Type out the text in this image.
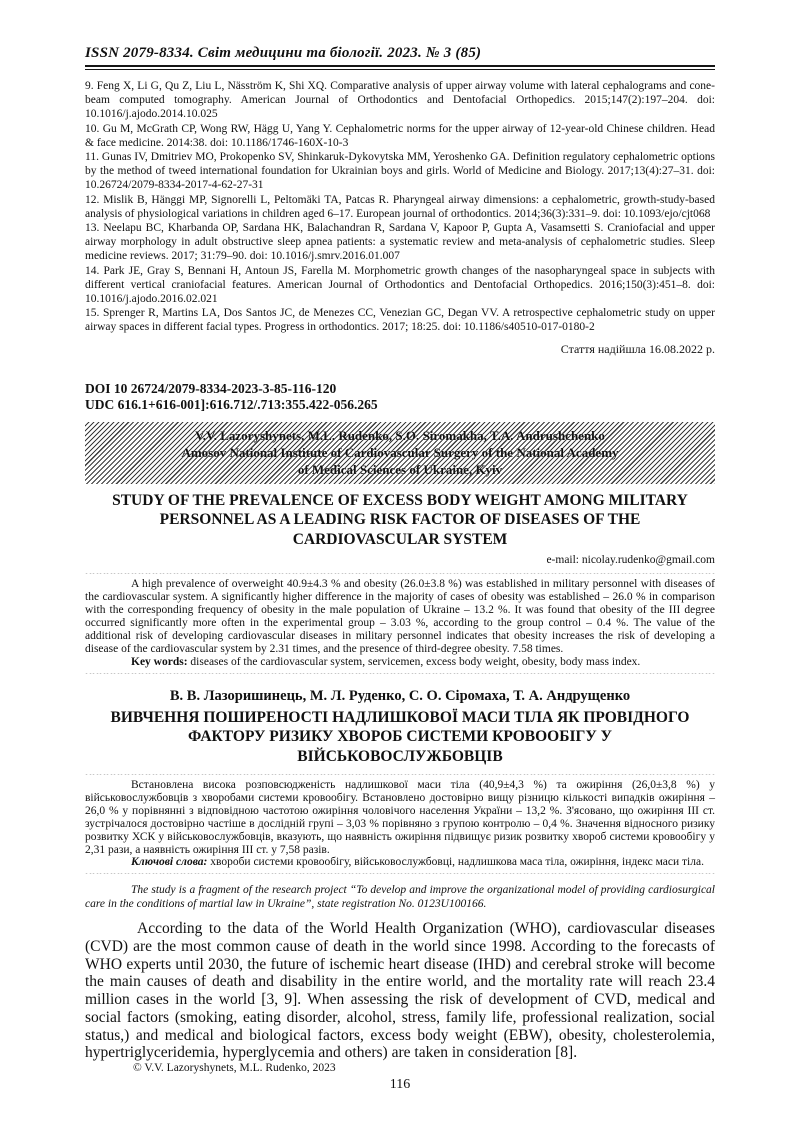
ISSN 2079-8334. Світ медицини та біології. 2023. № 3 (85)
9. Feng X, Li G, Qu Z, Liu L, Näsström K, Shi XQ. Comparative analysis of upper airway volume with lateral cephalograms and cone-beam computed tomography. American Journal of Orthodontics and Dentofacial Orthopedics. 2015;147(2):197–204. doi: 10.1016/j.ajodo.2014.10.025
10. Gu M, McGrath CP, Wong RW, Hägg U, Yang Y. Cephalometric norms for the upper airway of 12-year-old Chinese children. Head & face medicine. 2014:38. doi: 10.1186/1746-160X-10-3
11. Gunas IV, Dmitriev MO, Prokopenko SV, Shinkaruk-Dykovytska MM, Yeroshenko GA. Definition regulatory cephalometric options by the method of tweed international foundation for Ukrainian boys and girls. World of Medicine and Biology. 2017;13(4):27–31. doi: 10.26724/2079-8334-2017-4-62-27-31
12. Mislik B, Hänggi MP, Signorelli L, Peltomäki TA, Patcas R. Pharyngeal airway dimensions: a cephalometric, growth-study-based analysis of physiological variations in children aged 6–17. European journal of orthodontics. 2014;36(3):331–9. doi: 10.1093/ejo/cjt068
13. Neelapu BC, Kharbanda OP, Sardana HK, Balachandran R, Sardana V, Kapoor P, Gupta A, Vasamsetti S. Craniofacial and upper airway morphology in adult obstructive sleep apnea patients: a systematic review and meta-analysis of cephalometric studies. Sleep medicine reviews. 2017; 31:79–90. doi: 10.1016/j.smrv.2016.01.007
14. Park JE, Gray S, Bennani H, Antoun JS, Farella M. Morphometric growth changes of the nasopharyngeal space in subjects with different vertical craniofacial features. American Journal of Orthodontics and Dentofacial Orthopedics. 2016;150(3):451–8. doi: 10.1016/j.ajodo.2016.02.021
15. Sprenger R, Martins LA, Dos Santos JC, de Menezes CC, Venezian GC, Degan VV. A retrospective cephalometric study on upper airway spaces in different facial types. Progress in orthodontics. 2017; 18:25. doi: 10.1186/s40510-017-0180-2
Стаття надійшла 16.08.2022 р.
DOI 10 26724/2079-8334-2023-3-85-116-120
UDC 616.1+616-001]:616.712/.713:355.422-056.265
V.V. Lazoryshynets, M.L. Rudenko, S.O. Siromakha, T.A. Andrushchenko
Amosov National Institute of Cardiovascular Surgery of the National Academy
of Medical Sciences of Ukraine, Kyiv
STUDY OF THE PREVALENCE OF EXCESS BODY WEIGHT AMONG MILITARY PERSONNEL AS A LEADING RISK FACTOR OF DISEASES OF THE CARDIOVASCULAR SYSTEM
e-mail: nicolay.rudenko@gmail.com

A high prevalence of overweight 40.9±4.3 % and obesity (26.0±3.8 %) was established in military personnel with diseases of the cardiovascular system. A significantly higher difference in the majority of cases of obesity was established – 26.0 % in comparison with the corresponding frequency of obesity in the male population of Ukraine – 13.2 %. It was found that obesity of the III degree occurred significantly more often in the experimental group – 3.03 %, according to the group control – 0.4 %. The value of the additional risk of developing cardiovascular diseases in military personnel indicates that obesity increases the risk of developing a disease of the cardiovascular system by 2.31 times, and the presence of third-degree obesity. 7.58 times.

Key words: diseases of the cardiovascular system, servicemen, excess body weight, obesity, body mass index.

В. В. Лазоришинець, М. Л. Руденко, С. О. Сіромаха, Т. А. Андрущенко
ВИВЧЕННЯ ПОШИРЕНОСТІ НАДЛИШКОВОЇ МАСИ ТІЛА ЯК ПРОВІДНОГО ФАКТОРУ РИЗИКУ ХВОРОБ СИСТЕМИ КРОВООБІГУ У ВІЙСЬКОВОСЛУЖБОВЦІВ

Встановлена висока розповсюдженість надлишкової маси тіла (40,9±4,3 %) та ожиріння (26,0±3,8 %) у військовослужбовців з хворобами системи кровообігу. Встановлено достовірно вищу різницю кількості випадків ожиріння – 26,0 % у порівнянні з відповідною частотою ожиріння чоловічого населення України – 13,2 %. З'ясовано, що ожиріння III ст. зустрічалося достовірно частіше в дослідній групі – 3,03 % порівняно з групою контролю – 0,4 %. Значення відносного ризику розвитку ХСК у військовослужбовців, вказують, що наявність ожиріння підвищує ризик розвитку хвороб системи кровообігу у 2,31 рази, а наявність ожиріння III ст. у 7,58 разів.

Ключові слова: хвороби системи кровообігу, військовослужбовці, надлишкова маса тіла, ожиріння, індекс маси тіла.

The study is a fragment of the research project “To develop and improve the organizational model of providing cardiosurgical care in the conditions of martial law in Ukraine”, state registration No. 0123U100166.

According to the data of the World Health Organization (WHO), cardiovascular diseases (CVD) are the most common cause of death in the world since 1998. According to the forecasts of WHO experts until 2030, the future of ischemic heart disease (IHD) and cerebral stroke will become the main causes of death and disability in the entire world, and the mortality rate will reach 23.4 million cases in the world [3, 9]. When assessing the risk of development of CVD, medical and social factors (smoking, eating disorder, alcohol, stress, family life, professional realization, social status,) and medical and biological factors, excess body weight (EBW), obesity, cholesterolemia, hypertriglyceridemia, hyperglycemia and others) are taken in consideration [8].

© V.V. Lazoryshynets, M.L. Rudenko, 2023
116
